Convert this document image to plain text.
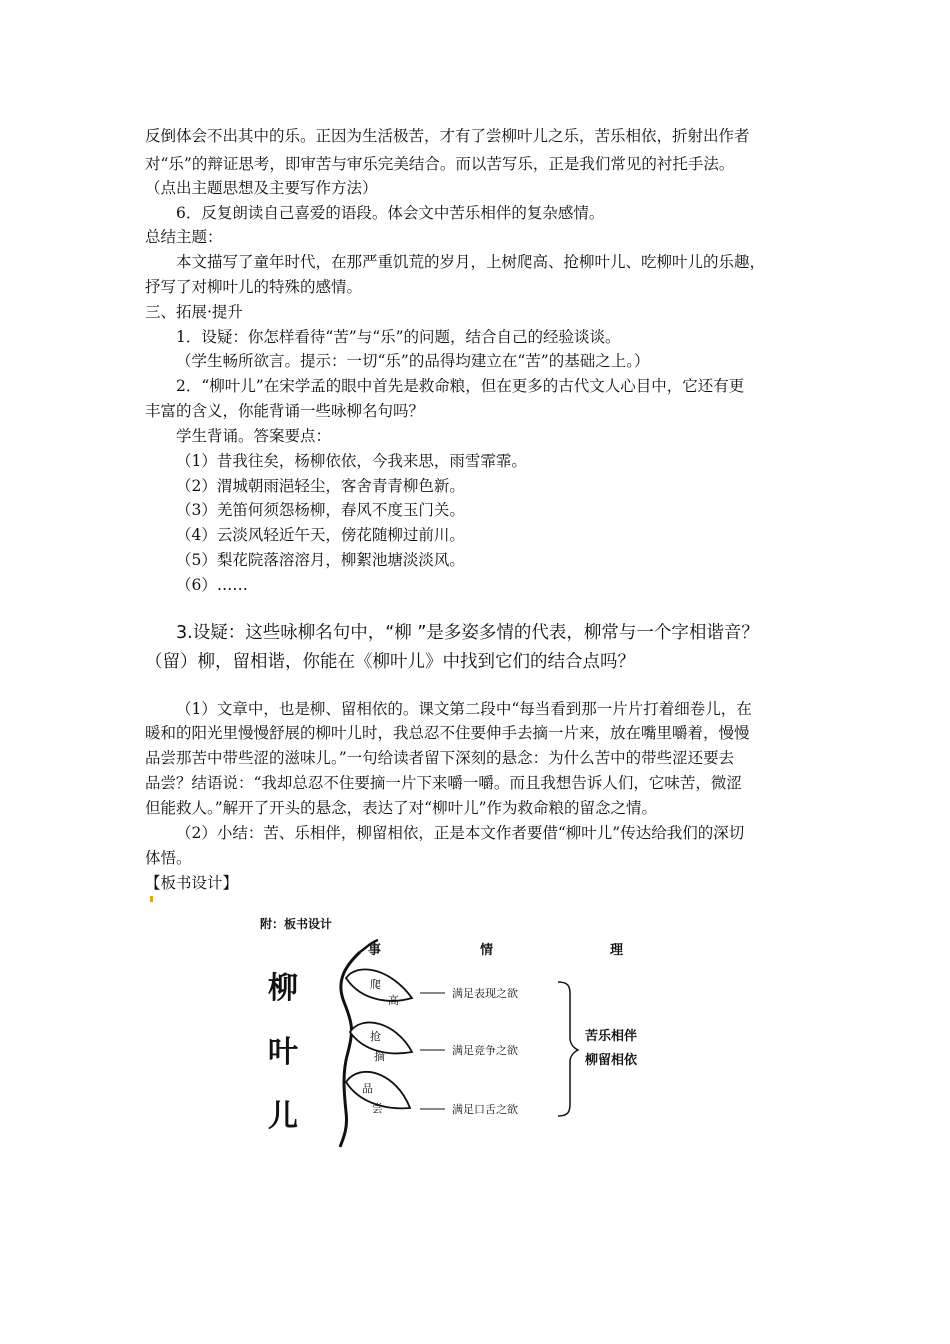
反倒体会不出其中的乐。正因为生活极苦，才有了尝柳叶儿之乐，苦乐相依，折射出作者
对“乐”的辩证思考，即审苦与审乐完美结合。而以苦写乐，正是我们常见的衬托手法。
（点出主题思想及主要写作方法）
6．反复朗读自己喜爱的语段。体会文中苦乐相伴的复杂感情。
总结主题：
本文描写了童年时代，在那严重饥荒的岁月，上树爬高、抢柳叶儿、吃柳叶儿的乐趣，
抒写了对柳叶儿的特殊的感情。
三、拓展·提升
1．设疑：你怎样看待“苦”与“乐”的问题，结合自己的经验谈谈。
（学生畅所欲言。提示：一切“乐”的品得均建立在“苦”的基础之上。）
2．“柳叶儿”在宋学孟的眼中首先是救命粮，但在更多的古代文人心目中，它还有更
丰富的含义，你能背诵一些咏柳名句吗？
学生背诵。答案要点：
（1）昔我往矣，杨柳依依，今我来思，雨雪霏霏。
（2）渭城朝雨浥轻尘，客舍青青柳色新。
（3）羌笛何须怨杨柳，春风不度玉门关。
（4）云淡风轻近午天，傍花随柳过前川。
（5）梨花院落溶溶月，柳絮池塘淡淡风。
（6）……
3.设疑：这些咏柳名句中，“柳 ”是多姿多情的代表，柳常与一个字相谐音？
（留）柳，留相谐，你能在《柳叶儿》中找到它们的结合点吗？
（1）文章中，也是柳、留相依的。课文第二段中“每当看到那一片片打着细卷儿，在
暖和的阳光里慢慢舒展的柳叶儿时，我总忍不住要伸手去摘一片来，放在嘴里嚼着，慢慢
品尝那苦中带些涩的滋味儿。”一句给读者留下深刻的悬念：为什么苦中的带些涩还要去
品尝？结语说：“我却总忍不住要摘一片下来嚼一嚼。而且我想告诉人们，它味苦，微涩
但能救人。”解开了开头的悬念，表达了对“柳叶儿”作为救命粮的留念之情。
（2）小结：苦、乐相伴，柳留相依，正是本文作者要借“柳叶儿”传达给我们的深切
体悟。
【板书设计】
附：板书设计
事	情	理
柳
叶
儿
爬
高
抢
摘
品
尝
满足表现之欲
满足竞争之欲
满足口舌之欲
苦乐相伴
柳留相依
